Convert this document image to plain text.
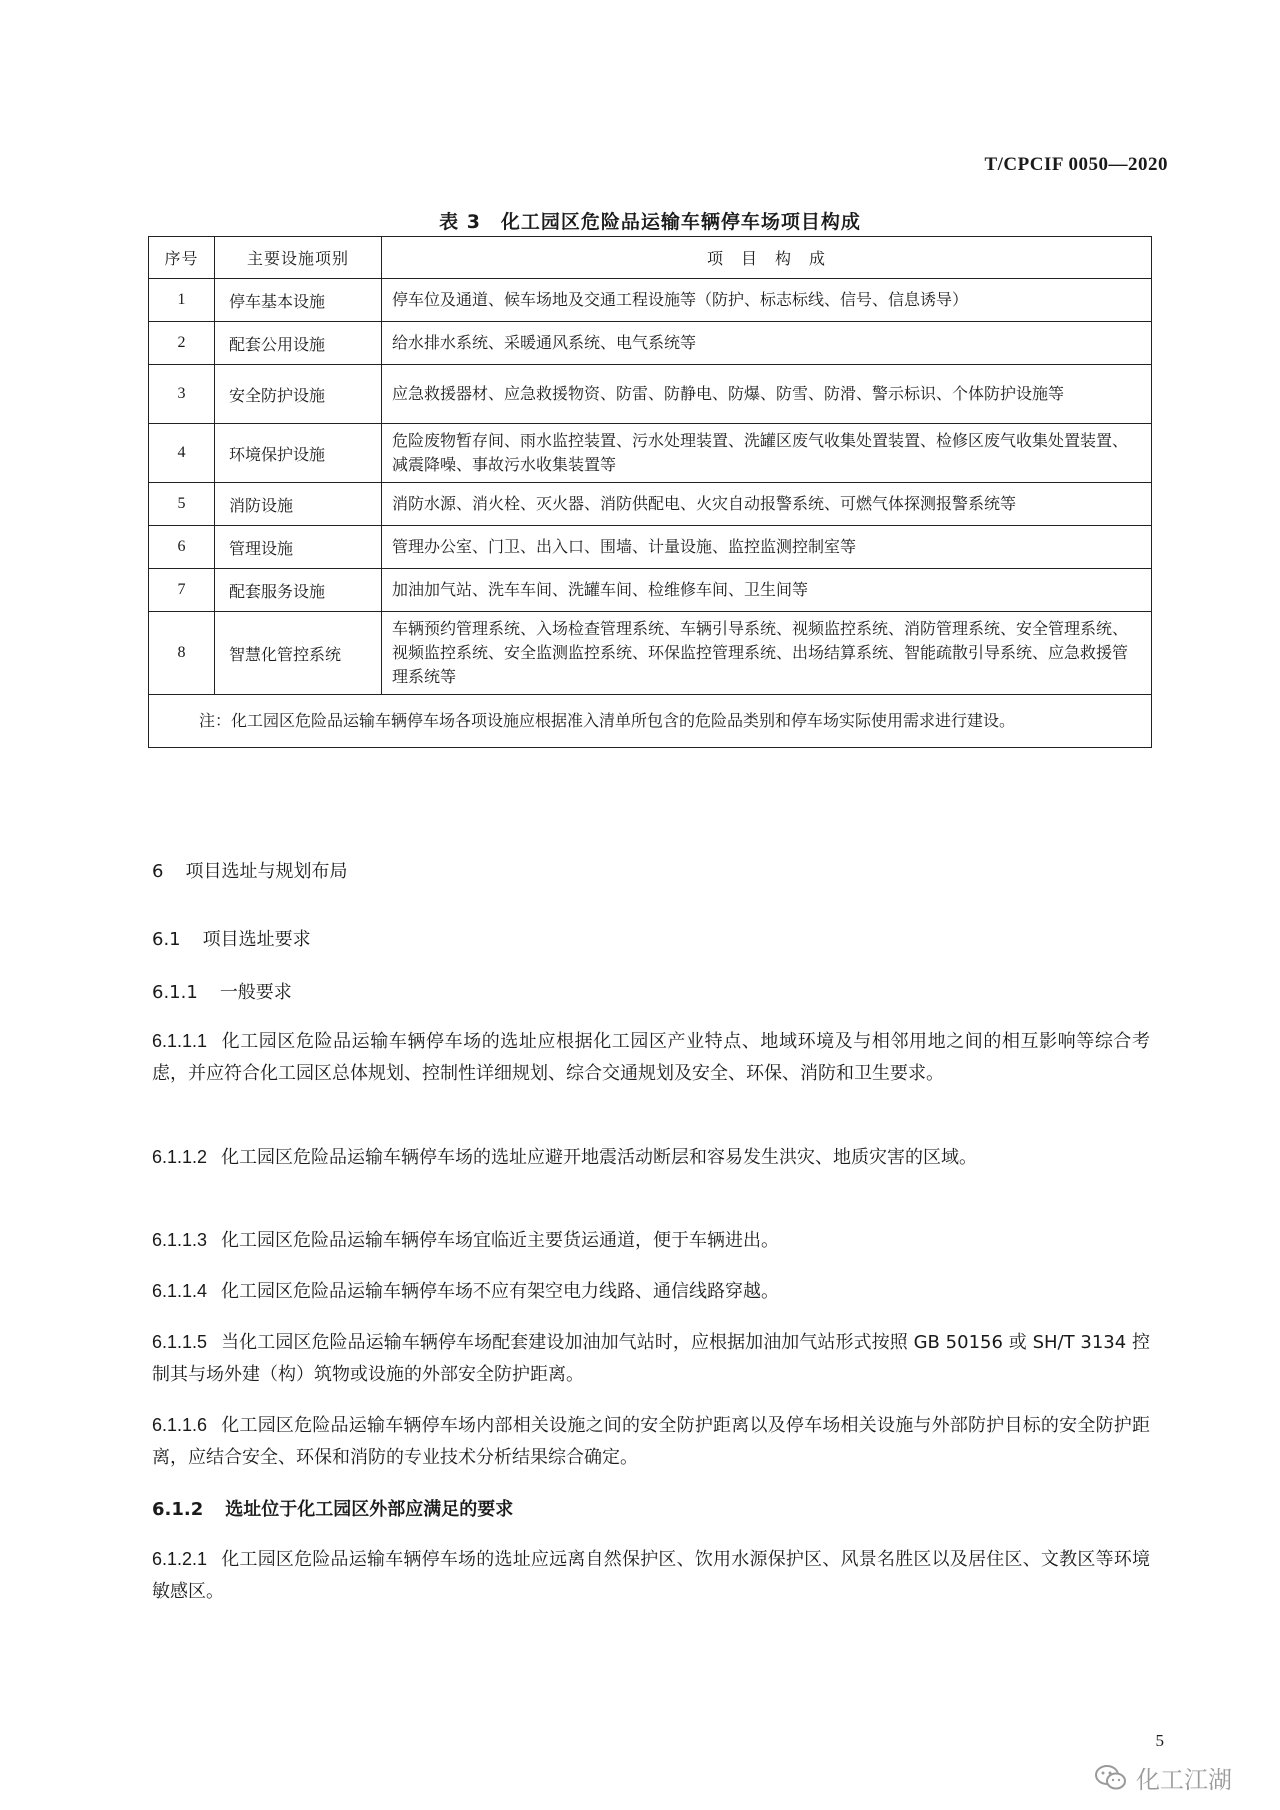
T/CPCIF 0050—2020
表 3　化工园区危险品运输车辆停车场项目构成
序号	主要设施项别	项　目　构　成
1	停车基本设施	停车位及通道、候车场地及交通工程设施等（防护、标志标线、信号、信息诱导）
2	配套公用设施	给水排水系统、采暖通风系统、电气系统等
3	安全防护设施	应急救援器材、应急救援物资、防雷、防静电、防爆、防雪、防滑、警示标识、个体防护设施等
4	环境保护设施	危险废物暂存间、雨水监控装置、污水处理装置、洗罐区废气收集处置装置、检修区废气收集处置装置、减震降噪、事故污水收集装置等
5	消防设施	消防水源、消火栓、灭火器、消防供配电、火灾自动报警系统、可燃气体探测报警系统等
6	管理设施	管理办公室、门卫、出入口、围墙、计量设施、监控监测控制室等
7	配套服务设施	加油加气站、洗车车间、洗罐车间、检维修车间、卫生间等
8	智慧化管控系统	车辆预约管理系统、入场检查管理系统、车辆引导系统、视频监控系统、消防管理系统、安全管理系统、视频监控系统、安全监测监控系统、环保监控管理系统、出场结算系统、智能疏散引导系统、应急救援管理系统等
注：化工园区危险品运输车辆停车场各项设施应根据准入清单所包含的危险品类别和停车场实际使用需求进行建设。		
6 项目选址与规划布局
6.1 项目选址要求
6.1.1 一般要求
6.1.1.1 化工园区危险品运输车辆停车场的选址应根据化工园区产业特点、地域环境及与相邻用地之间的相互影响等综合考虑，并应符合化工园区总体规划、控制性详细规划、综合交通规划及安全、环保、消防和卫生要求。
6.1.1.2 化工园区危险品运输车辆停车场的选址应避开地震活动断层和容易发生洪灾、地质灾害的区域。
6.1.1.3 化工园区危险品运输车辆停车场宜临近主要货运通道，便于车辆进出。
6.1.1.4 化工园区危险品运输车辆停车场不应有架空电力线路、通信线路穿越。
6.1.1.5 当化工园区危险品运输车辆停车场配套建设加油加气站时，应根据加油加气站形式按照 GB 50156 或 SH/T 3134 控制其与场外建（构）筑物或设施的外部安全防护距离。
6.1.1.6 化工园区危险品运输车辆停车场内部相关设施之间的安全防护距离以及停车场相关设施与外部防护目标的安全防护距离，应结合安全、环保和消防的专业技术分析结果综合确定。
6.1.2 选址位于化工园区外部应满足的要求
6.1.2.1 化工园区危险品运输车辆停车场的选址应远离自然保护区、饮用水源保护区、风景名胜区以及居住区、文教区等环境敏感区。
5
化工江湖
